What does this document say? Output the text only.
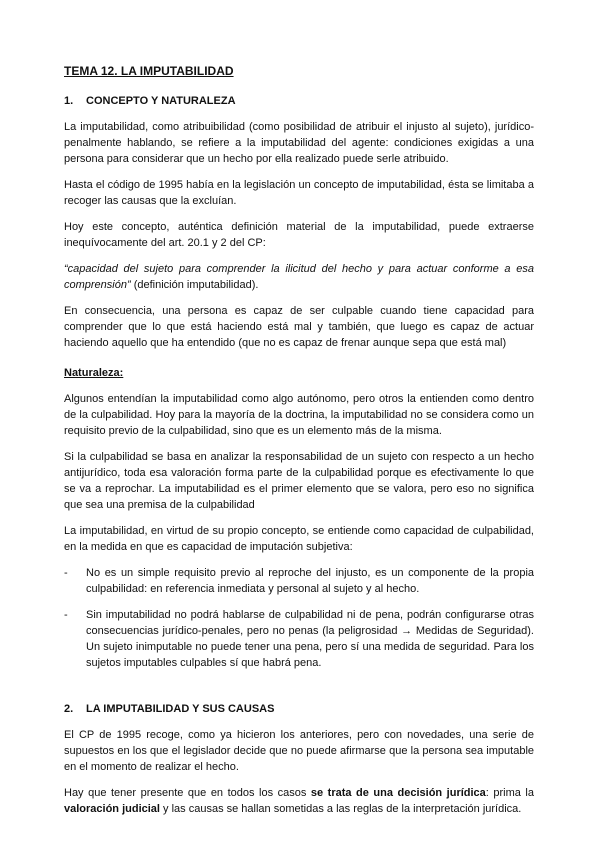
TEMA 12. LA IMPUTABILIDAD
1.	CONCEPTO Y NATURALEZA

La imputabilidad, como atribuibilidad (como posibilidad de atribuir el injusto al sujeto), jurídico-penalmente hablando, se refiere a la imputabilidad del agente: condiciones exigidas a una persona para considerar que un hecho por ella realizado puede serle atribuido.

Hasta el código de 1995 había en la legislación un concepto de imputabilidad, ésta se limitaba a recoger las causas que la excluían.

Hoy este concepto, auténtica definición material de la imputabilidad, puede extraerse inequívocamente del art. 20.1 y 2 del CP:

“capacidad del sujeto para comprender la ilicitud del hecho y para actuar conforme a esa comprensión” (definición imputabilidad).

En consecuencia, una persona es capaz de ser culpable cuando tiene capacidad para comprender que lo que está haciendo está mal y también, que luego es capaz de actuar haciendo aquello que ha entendido (que no es capaz de frenar aunque sepa que está mal)

Naturaleza:

Algunos entendían la imputabilidad como algo autónomo, pero otros la entienden como dentro de la culpabilidad. Hoy para la mayoría de la doctrina, la imputabilidad no se considera como un requisito previo de la culpabilidad, sino que es un elemento más de la misma.

Si la culpabilidad se basa en analizar la responsabilidad de un sujeto con respecto a un hecho antijurídico, toda esa valoración forma parte de la culpabilidad porque es efectivamente lo que se va a reprochar. La imputabilidad es el primer elemento que se valora, pero eso no significa que sea una premisa de la culpabilidad

La imputabilidad, en virtud de su propio concepto, se entiende como capacidad de culpabilidad, en la medida en que es capacidad de imputación subjetiva:

-	No es un simple requisito previo al reproche del injusto, es un componente de la propia culpabilidad: en referencia inmediata y personal al sujeto y al hecho.
-	Sin imputabilidad no podrá hablarse de culpabilidad ni de pena, podrán configurarse otras consecuencias jurídico-penales, pero no penas (la peligrosidad → Medidas de Seguridad). Un sujeto inimputable no puede tener una pena, pero sí una medida de seguridad. Para los sujetos imputables culpables sí que habrá pena.
2.	LA IMPUTABILIDAD Y SUS CAUSAS

El CP de 1995 recoge, como ya hicieron los anteriores, pero con novedades, una serie de supuestos en los que el legislador decide que no puede afirmarse que la persona sea imputable en el momento de realizar el hecho.

Hay que tener presente que en todos los casos se trata de una decisión jurídica: prima la valoración judicial y las causas se hallan sometidas a las reglas de la interpretación jurídica.
